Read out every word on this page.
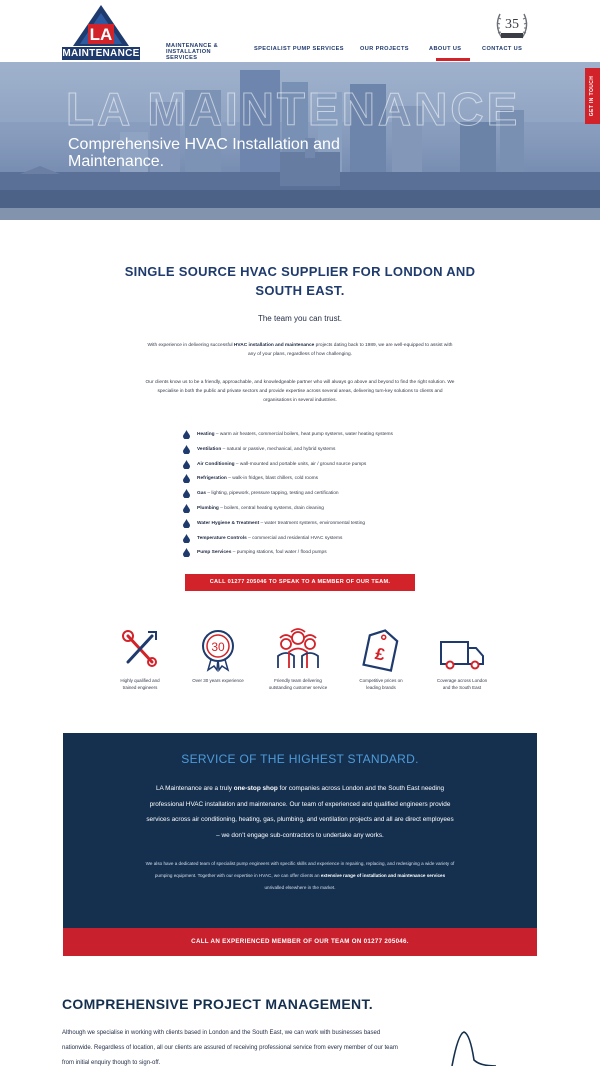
LA
MAINTENANCE
MAINTENANCE &
INSTALLATION SERVICES
SPECIALIST PUMP SERVICES	OUR PROJECTS	ABOUT US	CONTACT US
35
LA MAINTENANCE
Comprehensive HVAC Installation and Maintenance.
GET IN TOUCH
SINGLE SOURCE HVAC SUPPLIER FOR LONDON AND SOUTH EAST.
The team you can trust.
With experience in delivering successful HVAC installation and maintenance projects dating back to 1989, we are well-equipped to assist with any of your plans, regardless of how challenging.
Our clients know us to be a friendly, approachable, and knowledgeable partner who will always go above and beyond to find the right solution. We specialise in both the public and private sectors and provide expertise across several areas, delivering turn-key solutions to clients and organisations in several industries.
Heating – warm air heaters, commercial boilers, heat pump systems, water heating systems
Ventilation – natural or passive, mechanical, and hybrid systems
Air Conditioning – wall-mounted and portable units, air / ground source pumps
Refrigeration – walk-in fridges, blast chillers, cold rooms
Gas – lighting, pipework, pressure tapping, testing and certification
Plumbing – boilers, central heating systems, drain cleaning
Water Hygiene & Treatment – water treatment systems, environmental testing
Temperature Controls – commercial and residential HVAC systems
Pump Services – pumping stations, foul water / flood pumps
CALL 01277 205046 TO SPEAK TO A MEMBER OF OUR TEAM.
Highly qualified and
trained engineers
30
Over 30 years experience	Friendly team delivering
outstanding customer service
£
Competitive prices on
leading brands
Coverage across London
and the South East
SERVICE OF THE HIGHEST STANDARD.
LA Maintenance are a truly one-stop shop for companies across London and the South East needing professional HVAC installation and maintenance. Our team of experienced and qualified engineers provide services across air conditioning, heating, gas, plumbing, and ventilation projects and all are direct employees – we don’t engage sub-contractors to undertake any works.
We also have a dedicated team of specialist pump engineers with specific skills and experience in repairing, replacing, and redesigning a wide variety of pumping equipment. Together with our expertise in HVAC, we can offer clients an extensive range of installation and maintenance services unrivalled elsewhere in the market.
CALL AN EXPERIENCED MEMBER OF OUR TEAM ON 01277 205046.
COMPREHENSIVE PROJECT MANAGEMENT.
Although we specialise in working with clients based in London and the South East, we can work with businesses based nationwide. Regardless of location, all our clients are assured of receiving professional service from every member of our team from initial enquiry though to sign-off.
